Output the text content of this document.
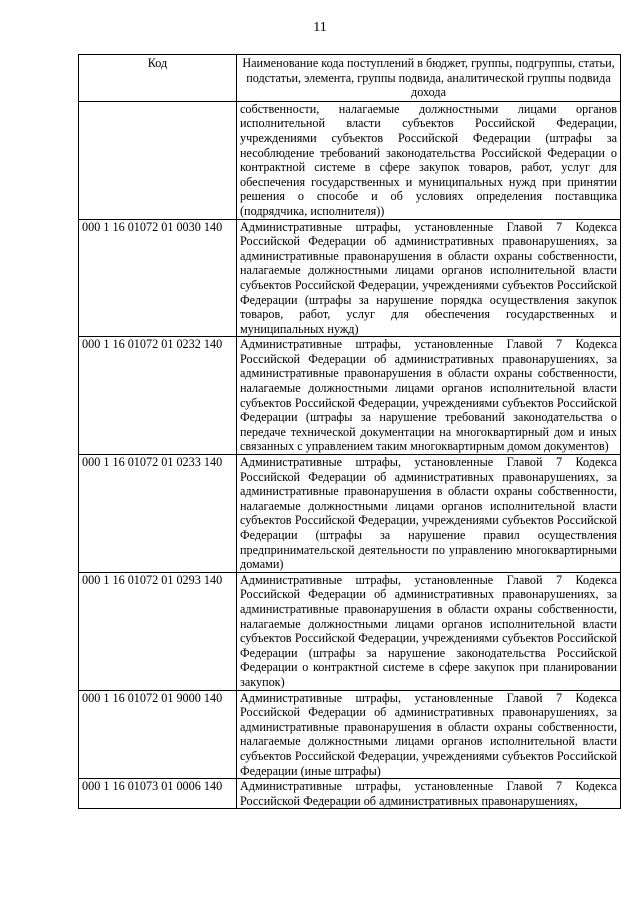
11
Код	Наименование кода поступлений в бюджет, группы, подгруппы, статьи, подстатьи, элемента, группы подвида, аналитической группы подвида дохода
	собственности, налагаемые должностными лицами органов исполнительной власти субъектов Российской Федерации, учреждениями субъектов Российской Федерации (штрафы за несоблюдение требований законодательства Российской Федерации о контрактной системе в сфере закупок товаров, работ, услуг для обеспечения государственных и муниципальных нужд при принятии решения о способе и об условиях определения поставщика (подрядчика, исполнителя))
000 1 16 01072 01 0030 140	Административные штрафы, установленные Главой 7 Кодекса Российской Федерации об административных правонарушениях, за административные правонарушения в области охраны собственности, налагаемые должностными лицами органов исполнительной власти субъектов Российской Федерации, учреждениями субъектов Российской Федерации (штрафы за нарушение порядка осуществления закупок товаров, работ, услуг для обеспечения государственных и муниципальных нужд)
000 1 16 01072 01 0232 140	Административные штрафы, установленные Главой 7 Кодекса Российской Федерации об административных правонарушениях, за административные правонарушения в области охраны собственности, налагаемые должностными лицами органов исполнительной власти субъектов Российской Федерации, учреждениями субъектов Российской Федерации (штрафы за нарушение требований законодательства о передаче технической документации на многоквартирный дом и иных связанных с управлением таким многоквартирным домом документов)
000 1 16 01072 01 0233 140	Административные штрафы, установленные Главой 7 Кодекса Российской Федерации об административных правонарушениях, за административные правонарушения в области охраны собственности, налагаемые должностными лицами органов исполнительной власти субъектов Российской Федерации, учреждениями субъектов Российской Федерации (штрафы за нарушение правил осуществления предпринимательской деятельности по управлению многоквартирными домами)
000 1 16 01072 01 0293 140	Административные штрафы, установленные Главой 7 Кодекса Российской Федерации об административных правонарушениях, за административные правонарушения в области охраны собственности, налагаемые должностными лицами органов исполнительной власти субъектов Российской Федерации, учреждениями субъектов Российской Федерации (штрафы за нарушение законодательства Российской Федерации о контрактной системе в сфере закупок при планировании закупок)
000 1 16 01072 01 9000 140	Административные штрафы, установленные Главой 7 Кодекса Российской Федерации об административных правонарушениях, за административные правонарушения в области охраны собственности, налагаемые должностными лицами органов исполнительной власти субъектов Российской Федерации, учреждениями субъектов Российской Федерации (иные штрафы)
000 1 16 01073 01 0006 140	Административные штрафы, установленные Главой 7 Кодекса Российской Федерации об административных правонарушениях,
